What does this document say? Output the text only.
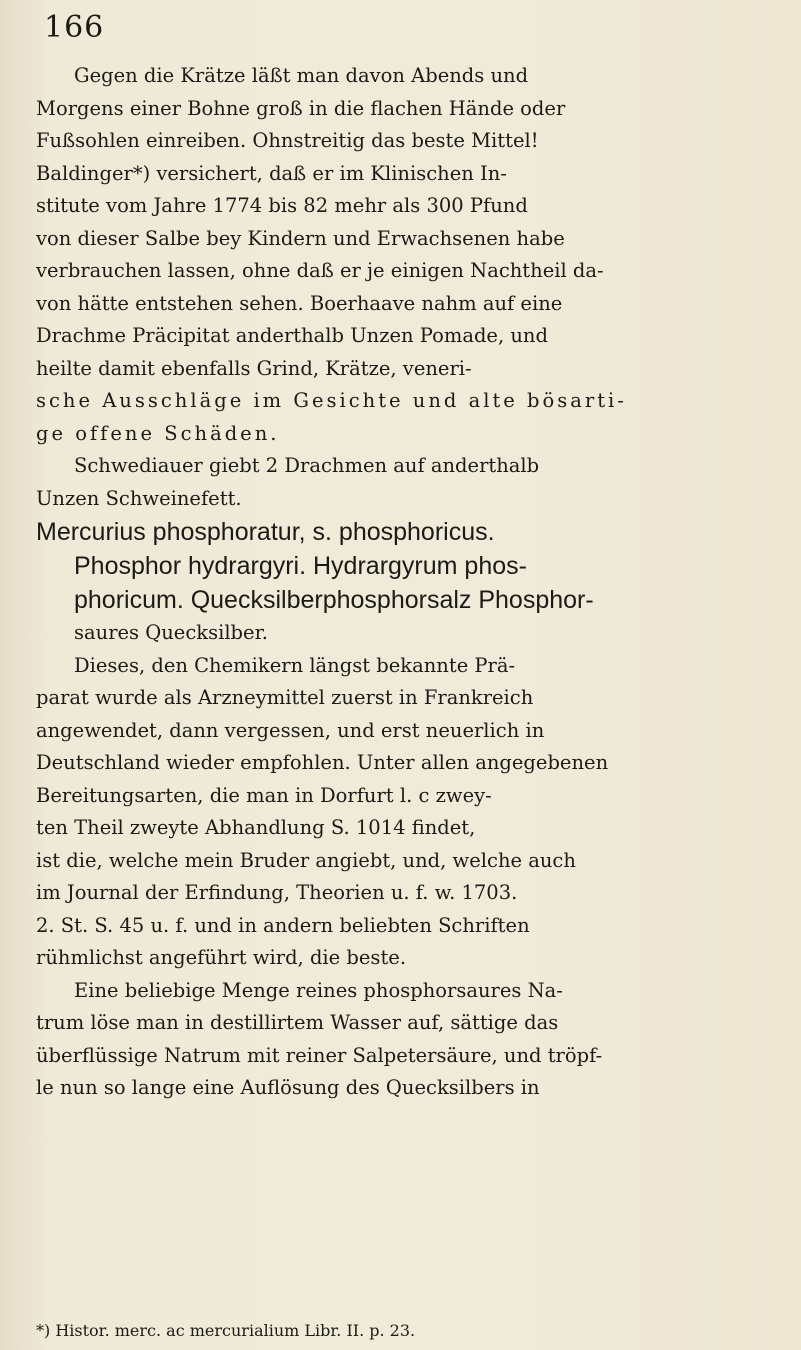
166
Gegen die Krätze läßt man davon Abends und
Morgens einer Bohne groß in die flachen Hände oder
Fußsohlen einreiben. Ohnstreitig das beste Mittel!
Baldinger*) versichert, daß er im Klinischen In-
stitute vom Jahre 1774 bis 82 mehr als 300 Pfund
von dieser Salbe bey Kindern und Erwachsenen habe
verbrauchen lassen, ohne daß er je einigen Nachtheil da-
von hätte entstehen sehen. Boerhaave nahm auf eine
Drachme Präcipitat anderthalb Unzen Pomade, und
heilte damit ebenfalls Grind, Krätze, veneri-
sche Ausschläge im Gesichte und alte bösarti-
ge offene Schäden.
Schwediauer giebt 2 Drachmen auf anderthalb
Unzen Schweinefett.
Mercurius phosphoratur, s. phosphoricus.
Phosphor hydrargyri. Hydrargyrum phos-
phoricum. Quecksilberphosphorsalz Phosphor-
saures Quecksilber.
Dieses, den Chemikern längst bekannte Prä-
parat wurde als Arzneymittel zuerst in Frankreich
angewendet, dann vergessen, und erst neuerlich in
Deutschland wieder empfohlen. Unter allen angegebenen
Bereitungsarten, die man in Dorfurt l. c zwey-
ten Theil zweyte Abhandlung S. 1014 findet,
ist die, welche mein Bruder angiebt, und, welche auch
im Journal der Erfindung, Theorien u. f. w. 1703.
2. St. S. 45 u. f. und in andern beliebten Schriften
rühmlichst angeführt wird, die beste.
Eine beliebige Menge reines phosphorsaures Na-
trum löse man in destillirtem Wasser auf, sättige das
überflüssige Natrum mit reiner Salpetersäure, und tröpf-
le nun so lange eine Auflösung des Quecksilbers in
*) Histor. merc. ac mercurialium Libr. II. p. 23.
